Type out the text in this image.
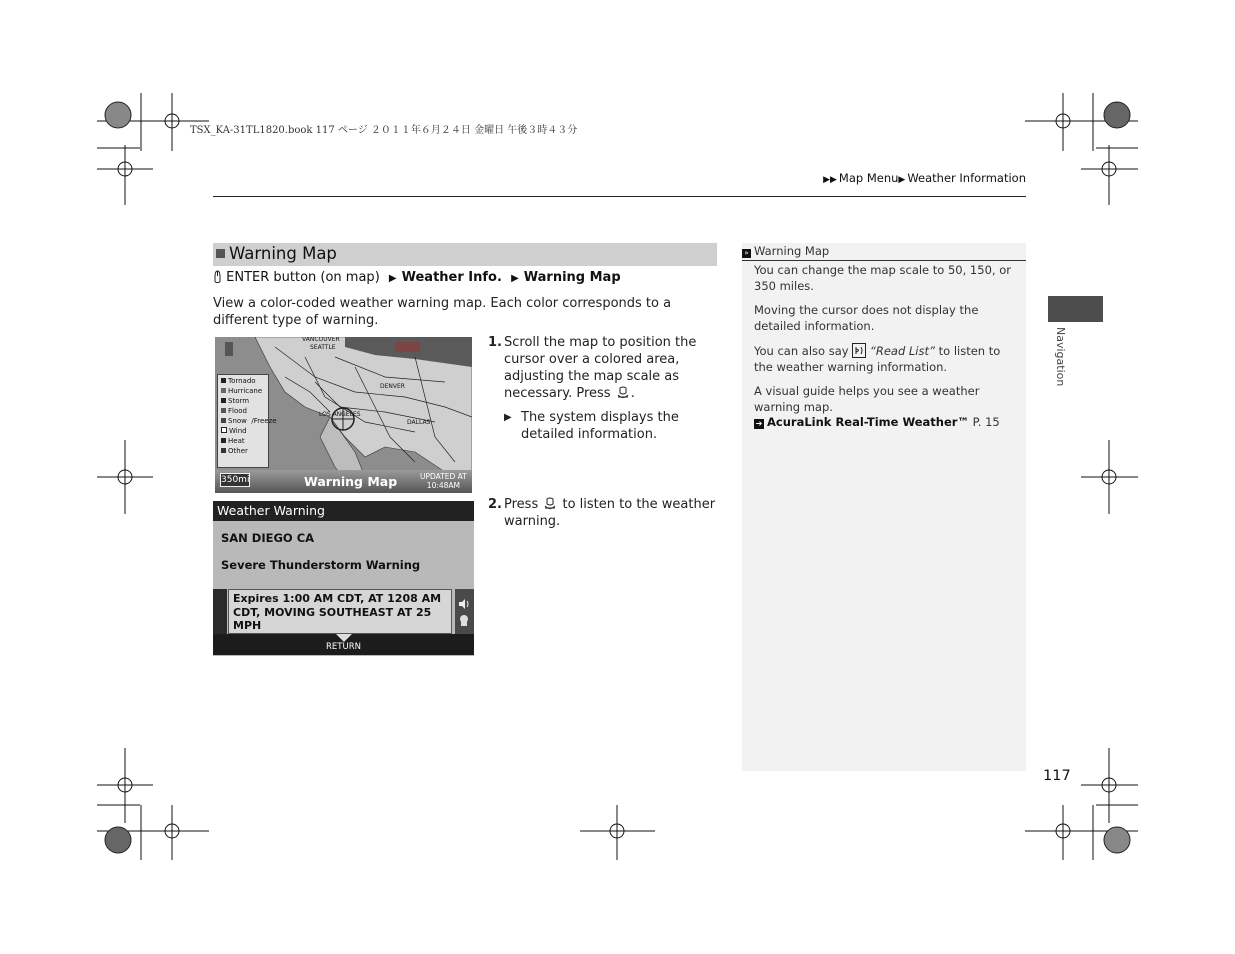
TSX_KA-31TL1820.book 117 ページ ２０１１年６月２４日 金曜日 午後３時４３分
▶▶ Map Menu▶ Weather Information
Warning Map
ENTER button (on map) ▶ Weather Info. ▶ Warning Map
View a color-coded weather warning map. Each color corresponds to a different type of warning.
VANCOUVER
SEATTLE
DENVER
DALLAS
LOS ANGELES
Tornado
Hurricane
Storm
Flood
Snow  /Freeze
Wind
Heat
Other
350mi	Warning Map	UPDATED AT
10:48AM
Weather Warning
SAN DIEGO CA
Severe Thunderstorm Warning
Expires 1:00 AM CDT, AT 1208 AM CDT, MOVING SOUTHEAST AT 25 MPH
RETURN
1. Scroll the map to position the cursor over a colored area, adjusting the map scale as necessary. Press .
▶ The system displays the detailed information.
2. Press to listen to the weather warning.
» Warning Map

You can change the map scale to 50, 150, or 350 miles.

Moving the cursor does not display the detailed information.

You can also say “Read List” to listen to the weather warning information.

A visual guide helps you see a weather warning map.
➔ AcuraLink Real-Time Weather™ P. 15

Navigation
117
